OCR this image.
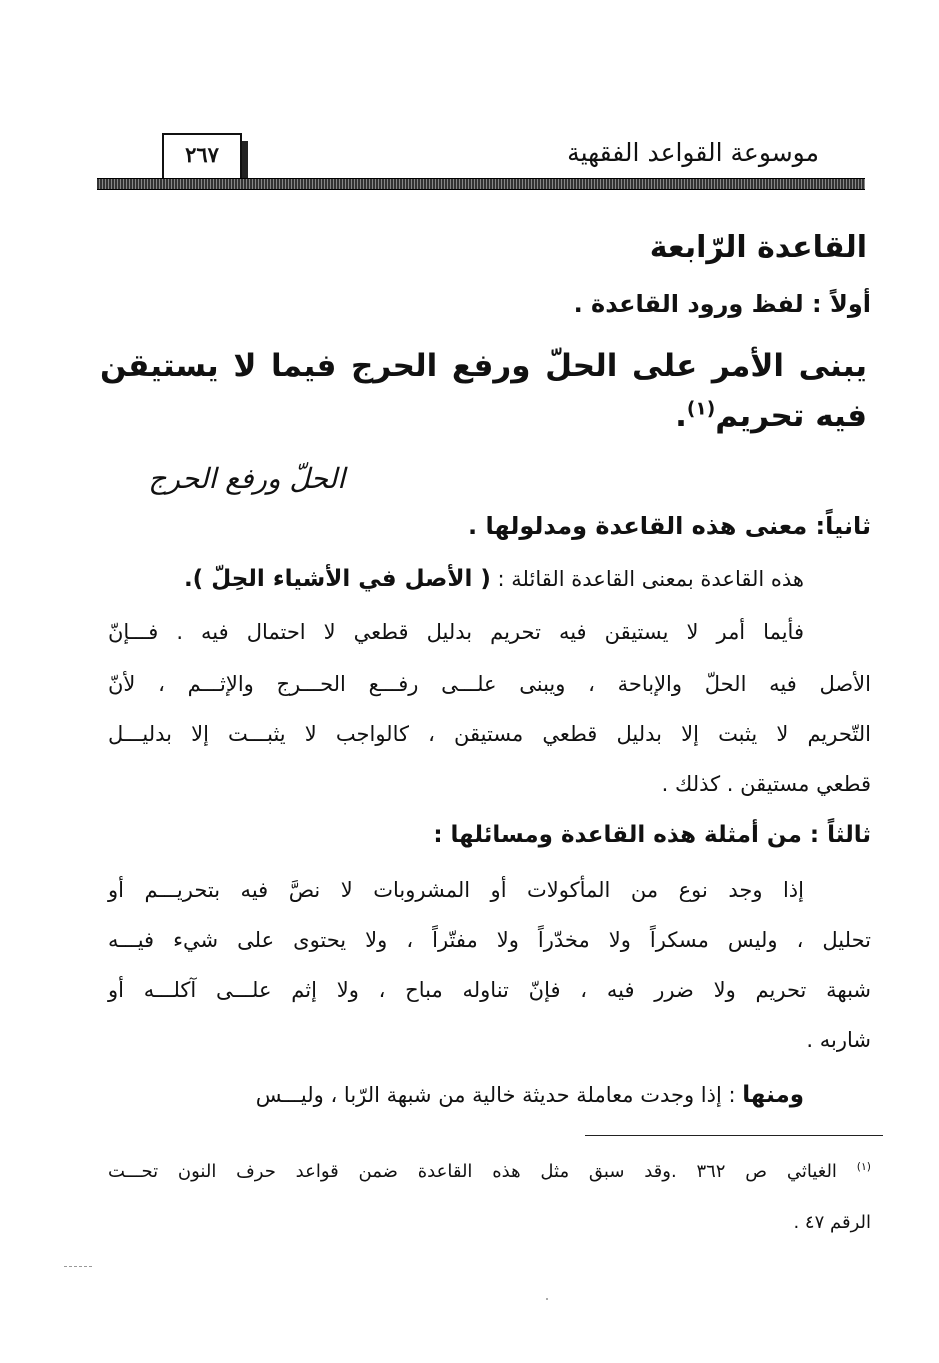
موسوعة القواعد الفقهية
٢٦٧
القاعدة الرّابعة
أولاً : لفظ ورود القاعدة .
يبنى الأمر على الحلّ ورفع الحرج فيما لا يستيقن
فيه تحريم$^{(١)}$.
الحلّ ورفع الحرج
ثانياً: معنى هذه القاعدة ومدلولها .
هذه القاعدة بمعنى القاعدة القائلة : ( الأصل في الأشياء الحِلّ ).
فأيما أمر لا يستيقن فيه تحريم بدليل قطعي لا احتمال فيه . فـــإنّ
الأصل فيه الحلّ والإباحة ، ويبنى علـــى رفـــع الحـــرج والإثـــم ، لأنّ
التّحريم لا يثبت إلا بدليل قطعي مستيقن ، كالواجب لا يثبـــت إلا بدليـــل
قطعي مستيقن . كذلك .
ثالثاً : من أمثلة هذه القاعدة ومسائلها :
إذا وجد نوع من المأكولات أو المشروبات لا نصَّ فيه بتحريـــم أو
تحليل ، وليس مسكراً ولا مخدّراً ولا مفتّراً ، ولا يحتوى على شيء فيـــه
شبهة تحريم ولا ضرر فيه ، فإنّ تناوله مباح ، ولا إثم علـــى آكلـــه أو
شاربه .
ومنها : إذا وجدت معاملة حديثة خالية من شبهة الرّبا ، وليـــس
$^{(١)}$ الغياثي ص ٣٦٢ .وقد سبق مثل هذه القاعدة ضمن قواعد حرف النون تحـــت
الرقم ٤٧ .
